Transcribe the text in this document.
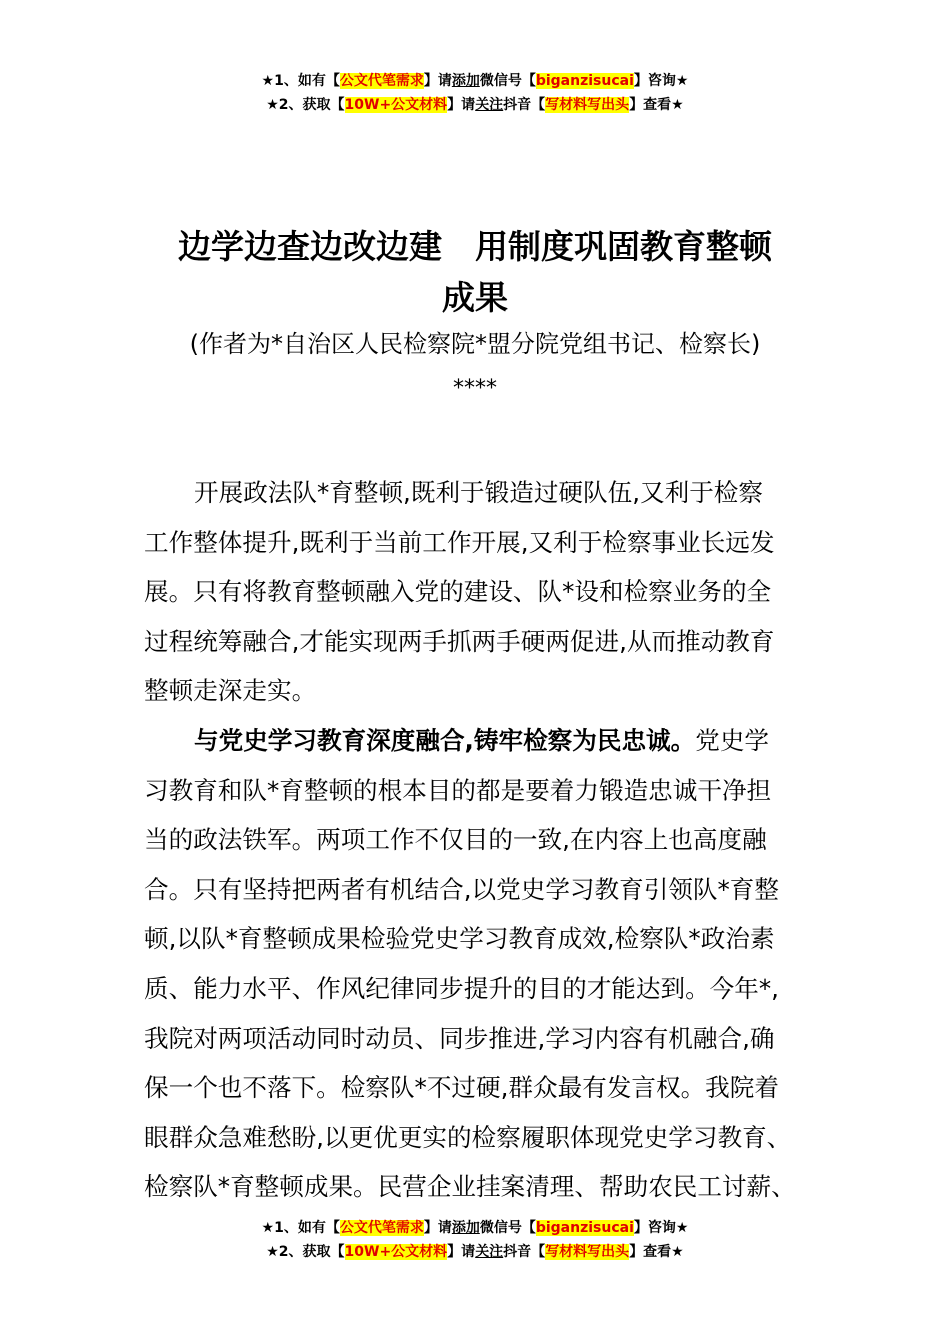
★1、如有【公文代笔需求】请添加微信号【biganzisucai】咨询★
★2、获取【10W+公文材料】请关注抖音【写材料写出头】查看★
边学边查边改边建　用制度巩固教育整顿
成果
(作者为*自治区人民检察院*盟分院党组书记、检察长)
****
开展政法队*育整顿,既利于锻造过硬队伍,又利于检察
工作整体提升,既利于当前工作开展,又利于检察事业长远发
展。只有将教育整顿融入党的建设、队*设和检察业务的全
过程统筹融合,才能实现两手抓两手硬两促进,从而推动教育
整顿走深走实。
与党史学习教育深度融合,铸牢检察为民忠诚。党史学
习教育和队*育整顿的根本目的都是要着力锻造忠诚干净担
当的政法铁军。两项工作不仅目的一致,在内容上也高度融
合。只有坚持把两者有机结合,以党史学习教育引领队*育整
顿,以队*育整顿成果检验党史学习教育成效,检察队*政治素
质、能力水平、作风纪律同步提升的目的才能达到。今年*,
我院对两项活动同时动员、同步推进,学习内容有机融合,确
保一个也不落下。检察队*不过硬,群众最有发言权。我院着
眼群众急难愁盼,以更优更实的检察履职体现党史学习教育、
检察队*育整顿成果。民营企业挂案清理、帮助农民工讨薪、
★1、如有【公文代笔需求】请添加微信号【biganzisucai】咨询★
★2、获取【10W+公文材料】请关注抖音【写材料写出头】查看★
